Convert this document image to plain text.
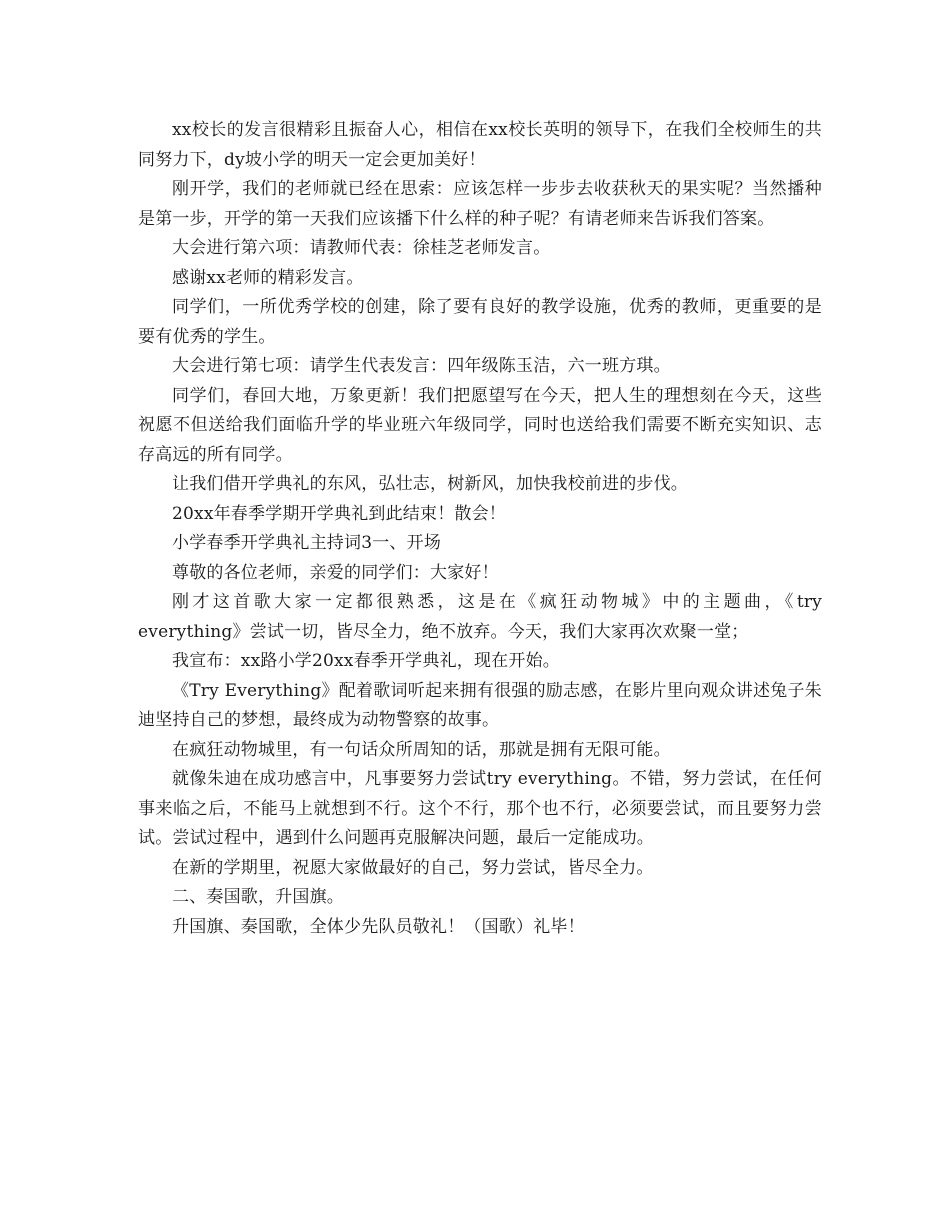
xx校长的发言很精彩且振奋人心，相信在xx校长英明的领导下，在我们全校师生的共同努力下，dy坡小学的明天一定会更加美好！

刚开学，我们的老师就已经在思索：应该怎样一步步去收获秋天的果实呢？当然播种是第一步，开学的第一天我们应该播下什么样的种子呢？有请老师来告诉我们答案。

大会进行第六项：请教师代表：徐桂芝老师发言。

感谢xx老师的精彩发言。

同学们，一所优秀学校的创建，除了要有良好的教学设施，优秀的教师，更重要的是要有优秀的学生。

大会进行第七项：请学生代表发言：四年级陈玉洁，六一班方琪。

同学们，春回大地，万象更新！我们把愿望写在今天，把人生的理想刻在今天，这些祝愿不但送给我们面临升学的毕业班六年级同学，同时也送给我们需要不断充实知识、志存高远的所有同学。

让我们借开学典礼的东风，弘壮志，树新风，加快我校前进的步伐。

20xx年春季学期开学典礼到此结束！散会！

小学春季开学典礼主持词3一、开场

尊敬的各位老师，亲爱的同学们：大家好！

刚才这首歌大家一定都很熟悉，这是在《疯狂动物城》中的主题曲，《try everything》尝试一切，皆尽全力，绝不放弃。今天，我们大家再次欢聚一堂；

我宣布：xx路小学20xx春季开学典礼，现在开始。

《Try Everything》配着歌词听起来拥有很强的励志感，在影片里向观众讲述兔子朱迪坚持自己的梦想，最终成为动物警察的故事。

在疯狂动物城里，有一句话众所周知的话，那就是拥有无限可能。

就像朱迪在成功感言中，凡事要努力尝试try everything。不错，努力尝试，在任何事来临之后，不能马上就想到不行。这个不行，那个也不行，必须要尝试，而且要努力尝试。尝试过程中，遇到什么问题再克服解决问题，最后一定能成功。

在新的学期里，祝愿大家做最好的自己，努力尝试，皆尽全力。

二、奏国歌，升国旗。

升国旗、奏国歌，全体少先队员敬礼！（国歌）礼毕！
